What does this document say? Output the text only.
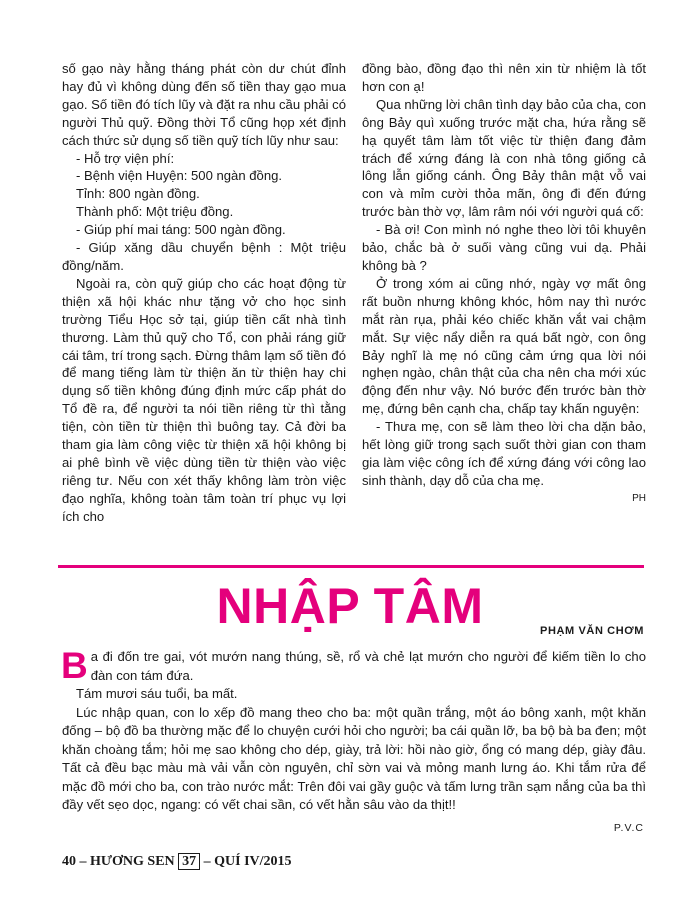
số gạo này hằng tháng phát còn dư chút đỉnh hay đủ vì không dùng đến số tiền thay gạo mua gạo. Số tiền đó tích lũy và đặt ra nhu cầu phải có người Thủ quỹ. Đồng thời Tổ cũng họp xét định cách thức sử dụng số tiền quỹ tích lũy như sau:

- Hỗ trợ viện phí:

- Bệnh viện Huyện: 500 ngàn đồng.

Tỉnh: 800 ngàn đồng.

Thành phố: Một triệu đồng.

- Giúp phí mai táng: 500 ngàn đồng.

- Giúp xăng dầu chuyển bệnh : Một triệu đồng/năm.

Ngoài ra, còn quỹ giúp cho các hoạt động từ thiện xã hội khác như tặng vở cho học sinh trường Tiểu Học sở tại, giúp tiền cất nhà tình thương. Làm thủ quỹ cho Tổ, con phải ráng giữ cái tâm, trí trong sạch. Đừng thâm lạm số tiền đó để mang tiếng làm từ thiện ăn từ thiện hay chi dụng số tiền không đúng định mức cấp phát do Tổ đề ra, để người ta nói tiền riêng từ thì tằng tiện, còn tiền từ thiện thì buông tay. Cả đời ba tham gia làm công việc từ thiện xã hội không bị ai phê bình về việc dùng tiền từ thiện vào việc riêng tư. Nếu con xét thấy không làm tròn việc đạo nghĩa, không toàn tâm toàn trí phục vụ lợi ích cho

đồng bào, đồng đạo thì nên xin từ nhiệm là tốt hơn con ạ!

Qua những lời chân tình dạy bảo của cha, con ông Bảy quì xuống trước mặt cha, hứa rằng sẽ hạ quyết tâm làm tốt việc từ thiện đang đảm trách để xứng đáng là con nhà tông giống cả lông lẫn giống cánh. Ông Bảy thân mật vỗ vai con và mỉm cười thỏa mãn, ông đi đến đứng trước bàn thờ vợ, lâm râm nói với người quá cố:

- Bà ơi! Con mình nó nghe theo lời tôi khuyên bảo, chắc bà ở suối vàng cũng vui dạ. Phải không bà ?

Ở trong xóm ai cũng nhớ, ngày vợ mất ông rất buồn nhưng không khóc, hôm nay thì nước mắt ràn rụa, phải kéo chiếc khăn vắt vai chậm mắt. Sự việc nẩy diễn ra quá bất ngờ, con ông Bảy nghĩ là mẹ nó cũng cảm ứng qua lời nói nghẹn ngào, chân thật của cha nên cha mới xúc động đến như vậy. Nó bước đến trước bàn thờ mẹ, đứng bên cạnh cha, chấp tay khấn nguyện:

- Thưa mẹ, con sẽ làm theo lời cha dặn bảo, hết lòng giữ trong sạch suốt thời gian con tham gia làm việc công ích để xứng đáng với công lao sinh thành, dạy dỗ của cha mẹ.

PH
NHẬP TÂM	PHẠM VĂN CHƠM

Ba đi đốn tre gai, vót mướn nang thúng, sề, rổ và chẻ lạt mướn cho người để kiếm tiền lo cho đàn con tám đứa.

Tám mươi sáu tuổi, ba mất.

Lúc nhập quan, con lo xếp đồ mang theo cho ba: một quần trắng, một áo bông xanh, một khăn đống – bộ đồ ba thường mặc để lo chuyện cưới hỏi cho người; ba cái quần lỡ, ba bộ bà ba đen; một khăn choàng tắm; hỏi mẹ sao không cho dép, giày, trả lời: hồi nào giờ, ổng có mang dép, giày đâu. Tất cả đều bạc màu mà vải vẫn còn nguyên, chỉ sờn vai và mỏng manh lưng áo. Khi tắm rửa để mặc đồ mới cho ba, con trào nước mắt: Trên đôi vai gầy guộc và tấm lưng trần sạm nắng của ba thì đầy vết sẹo dọc, ngang: có vết chai sần, có vết hằn sâu vào da thịt!!

P.V.C
40 – HƯƠNG SEN 37 – QUÍ IV/2015
